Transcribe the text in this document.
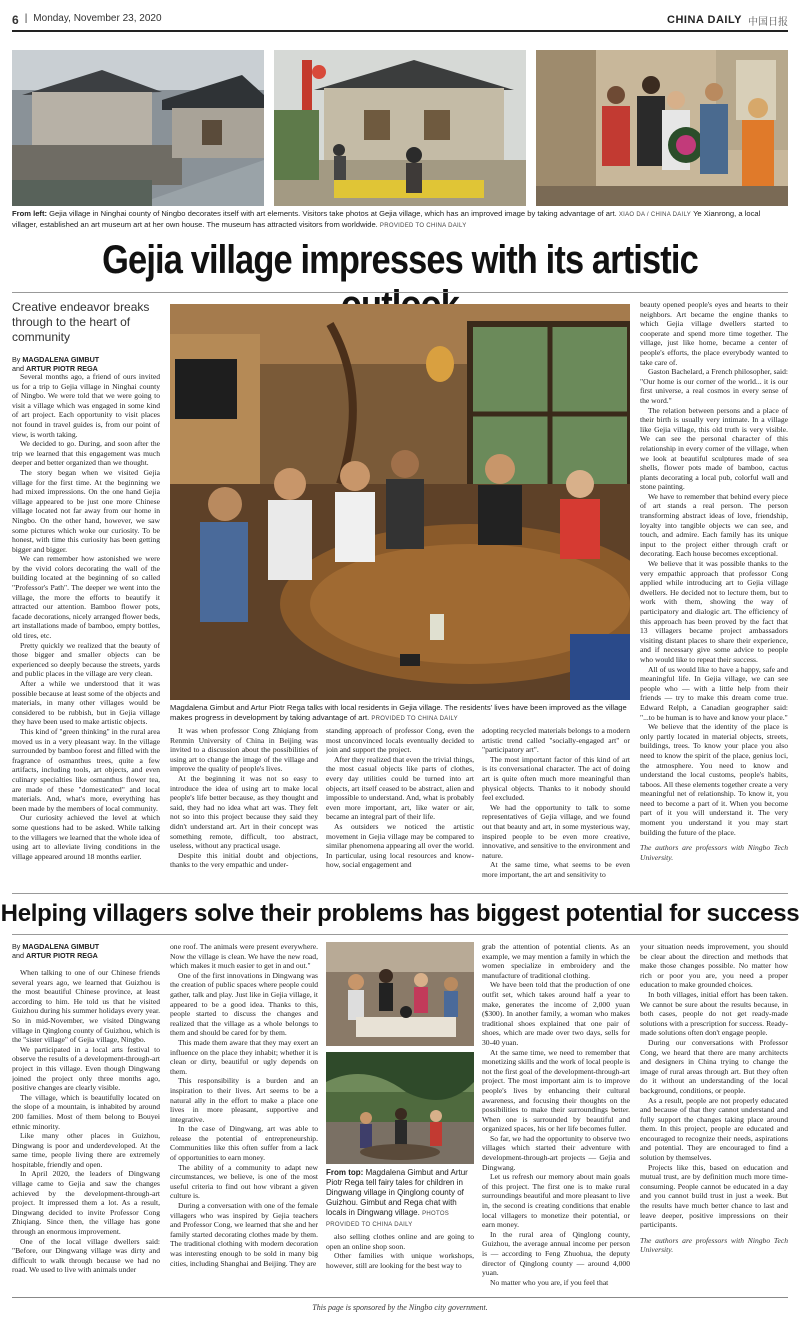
6 | Monday, November 23, 2020	CHINA DAILY 中国日报
From left: Gejia village in Ninghai county of Ningbo decorates itself with art elements. Visitors take photos at Gejia village, which has an improved image by taking advantage of art. XIAO DA / CHINA DAILY Ye Xianrong, a local villager, established an art museum art at her own house. The museum has attracted visitors from worldwide. PROVIDED TO CHINA DAILY
Gejia village impresses with its artistic
Creative endeavor breaks through to the heart of community
By MAGDALENA GIMBUT
and ARTUR PIOTR REGA

Several months ago, a friend of ours invited us for a trip to Gejia village in Ninghai county of Ningbo. We were told that we were going to visit a village which was engaged in some kind of art project. Each opportunity to visit places not found in travel guides is, from our point of view, is worth taking.

We decided to go. During, and soon after the trip we learned that this engagement was much deeper and better organized than we thought.

The story began when we visited Gejia village for the first time. At the beginning we had mixed impressions. On the one hand Gejia village appeared to be just one more Chinese village located not far away from our home in Ningbo. On the other hand, however, we saw some pictures which woke our curiosity. To be honest, with time this curiosity has been getting bigger and bigger.

We can remember how astonished we were by the vivid colors decorating the wall of the building located at the beginning of so called "Professor's Path". The deeper we went into the village, the more the efforts to beautify it attracted our attention. Bamboo flower pots, facade decorations, nicely arranged flower beds, art installations made of bamboo, empty bottles, old tires, etc.

Pretty quickly we realized that the beauty of those bigger and smaller objects can be experienced so deeply because the streets, yards and public places in the village are very clean.

After a while we understood that it was possible because at least some of the objects and materials, in many other villages would be considered to be rubbish, but in Gejia village they have been used to make artistic objects.

This kind of "green thinking" in the rural area moved us in a very pleasant way. In the village surrounded by bamboo forest and filled with the fragrance of osmanthus trees, quite a few artifacts, including tools, art objects, and even culinary specialties like osmanthus flower tea, are made of these "domesticated" and local materials. And, what's more, everything has been made by the members of local community.

Our curiosity achieved the level at which some questions had to be asked. While talking to the villagers we learned that the whole idea of using art to alleviate living conditions in the village appeared around 18 months earlier.

Magdalena Gimbut and Artur Piotr Rega talks with local residents in Gejia village. The residents' lives have been improved as the village makes progress in development by taking advantage of art. PROVIDED TO CHINA DAILY

It was when professor Cong Zhiqiang from Renmin University of China in Beijing was invited to a discussion about the possibilities of using art to change the image of the village and improve the quality of people's lives.

At the beginning it was not so easy to introduce the idea of using art to make local people's life better because, as they thought and said, they had no idea what art was. They felt not so into this project because they said they didn't understand art. Art in their concept was something remote, difficult, too abstract, useless, without any practical usage.

Despite this initial doubt and objections, thanks to the very empathic and under-

standing approach of professor Cong, even the most unconvinced locals eventually decided to join and support the project.

After they realized that even the trivial things, the most casual objects like parts of clothes, every day utilities could be turned into art objects, art itself ceased to be abstract, alien and impossible to understand. And, what is probably even more important, art, like water or air, became an integral part of their life.

As outsiders we noticed the artistic movement in Gejia village may be compared to similar phenomena appearing all over the world. In particular, using local resources and know-how, social engagement and

adopting recycled materials belongs to a modern artistic trend called "socially-engaged art" or "participatory art".

The most important factor of this kind of art is its conversational character. The act of doing art is quite often much more meaningful than physical objects. Thanks to it nobody should feel excluded.

We had the opportunity to talk to some representatives of Gejia village, and we found out that beauty and art, in some mysterious way, inspired people to be even more creative, innovative, and sensitive to the environment and nature.

At the same time, what seems to be even more important, the art and sensitivity to

beauty opened people's eyes and hearts to their neighbors. Art became the engine thanks to which Gejia village dwellers started to cooperate and spend more time together. The village, just like home, became a center of people's efforts, the place everybody wanted to take care of.

Gaston Bachelard, a French philosopher, said: "Our home is our corner of the world... it is our first universe, a real cosmos in every sense of the word."

The relation between persons and a place of their birth is usually very intimate. In a village like Gejia village, this old truth is very visible. We can see the personal character of this relationship in every corner of the village, when we look at beautiful sculptures made of sea shells, flower pots made of bamboo, cactus plants decorating a local pub, colorful wall and stone painting.

We have to remember that behind every piece of art stands a real person. The person transforming abstract ideas of love, friendship, loyalty into tangible objects we can see, and touch, and admire. Each family has its unique input to the project either through craft or decorating. Each house becomes exceptional.

We believe that it was possible thanks to the very empathic approach that professor Cong applied while introducing art to Gejia village dwellers. He decided not to lecture them, but to work with them, showing the way of participatory and dialogic art. The efficiency of this approach has been proved by the fact that 13 villagers became project ambassadors visiting distant places to share their experience, and if necessary give some advice to people who would like to repeat their success.

All of us would like to have a happy, safe and meaningful life. In Gejia village, we can see people who — with a little help from their friends — try to make this dream come true. Edward Relph, a Canadian geographer said: "...to be human is to have and know your place."

We believe that the identity of the place is only partly located in material objects, streets, buildings, trees. To know your place you also need to know the spirit of the place, genius loci, the atmosphere. You need to know and understand the local customs, people's habits, taboos. All these elements together create a very meaningful net of relationship. To know it, you need to become a part of it. When you become part of it you will understand it. The very moment you understand it you may start building the future of the place.

The authors are professors with Ningbo Tech University.
Helping villagers solve their problems has biggest potential for success
By MAGDALENA GIMBUT
and ARTUR PIOTR REGA

When talking to one of our Chinese friends several years ago, we learned that Guizhou is the most beautiful Chinese province, at least according to him. He told us that he visited Guizhou during his summer holidays every year. So in mid-November, we visited Dingwang village in Qinglong county of Guizhou, which is the "sister village" of Gejia village, Ningbo.

We participated in a local arts festival to observe the results of a development-through-art project in this village. Even though Dingwang joined the project only three months ago, positive changes are clearly visible.

The village, which is beautifully located on the slope of a mountain, is inhabited by around 200 families. Most of them belong to Bouyei ethnic minority.

Like many other places in Guizhou, Dingwang is poor and underdeveloped. At the same time, people living there are extremely hospitable, friendly and open.

In April 2020, the leaders of Dingwang village came to Gejia and saw the changes achieved by the development-through-art project. It impressed them a lot. As a result, Dingwang decided to invite Professor Cong Zhiqiang. Since then, the village has gone through an enormous improvement.

One of the local village dwellers said: "Before, our Dingwang village was dirty and difficult to walk through because we had no road. We used to live with animals under

one roof. The animals were present everywhere. Now the village is clean. We have the new road, which makes it much easier to get in and out."

One of the first innovations in Dingwang was the creation of public spaces where people could gather, talk and play. Just like in Gejia village, it appeared to be a good idea. Thanks to this, people started to discuss the changes and realized that the village as a whole belongs to them and should be cared for by them.

This made them aware that they may exert an influence on the place they inhabit; whether it is clean or dirty, beautiful or ugly depends on them.

This responsibility is a burden and an inspiration to their lives. Art seems to be a natural ally in the effort to make a place one lives in more pleasant, supportive and integrative.

In the case of Dingwang, art was able to release the potential of entrepreneurship. Communities like this often suffer from a lack of opportunities to earn money.

The ability of a community to adapt new circumstances, we believe, is one of the most useful criteria to find out how vibrant a given culture is.

During a conversation with one of the female villagers who was inspired by Gejia teachers and Professor Cong, we learned that she and her family started decorating clothes made by them. The traditional clothing with modern decoration was interesting enough to be sold in many big cities, including Shanghai and Beijing. They are

From top: Magdalena Gimbut and Artur Piotr Rega tell fairy tales for children in Dingwang village in Qinglong county of Guizhou. Gimbut and Rega chat with locals in Dingwang village. PHOTOS PROVIDED TO CHINA DAILY

also selling clothes online and are going to open an online shop soon.

Other families with unique workshops, however, still are looking for the best way to

grab the attention of potential clients. As an example, we may mention a family in which the women specialize in embroidery and the manufacture of traditional clothing.

We have been told that the production of one outfit set, which takes around half a year to make, generates the income of 2,000 yuan ($300). In another family, a woman who makes traditional shoes explained that one pair of shoes, which are made over two days, sells for 30-40 yuan.

At the same time, we need to remember that monetizing skills and the work of local people is not the first goal of the development-through-art project. The most important aim is to improve people's lives by enhancing their cultural awareness, and focusing their thoughts on the possibilities to make their surroundings better. When one is surrounded by beautiful and organized spaces, his or her life becomes fuller.

So far, we had the opportunity to observe two villages which started their adventure with development-through-art projects — Gejia and Dingwang.

Let us refresh our memory about main goals of this project. The first one is to make rural surroundings beautiful and more pleasant to live in, the second is creating conditions that enable local villagers to monetize their potential, or earn money.

In the rural area of Qinglong county, Guizhou, the average annual income per person is — according to Feng Zhuohua, the deputy director of Qinglong county — around 4,000 yuan.

No matter who you are, if you feel that

your situation needs improvement, you should be clear about the direction and methods that make those changes possible. No matter how rich or poor you are, you need a proper education to make grounded choices.

In both villages, initial effort has been taken. We cannot be sure about the results because, in both cases, people do not get ready-made solutions with a prescription for success. Ready-made solutions often don't engage people.

During our conversations with Professor Cong, we heard that there are many architects and designers in China trying to change the image of rural areas through art. But they often do it without an understanding of the local background, conditions, or people.

As a result, people are not properly educated and because of that they cannot understand and fully support the changes taking place around them. In this project, people are educated and encouraged to recognize their needs, aspirations and potential. They are encouraged to find a solution by themselves.

Projects like this, based on education and mutual trust, are by definition much more time-consuming. People cannot be educated in a day and you cannot build trust in just a week. But the results have much better chance to last and leave deeper, positive impressions on their participants.

The authors are professors with Ningbo Tech University.
This page is sponsored by the Ningbo city government.
